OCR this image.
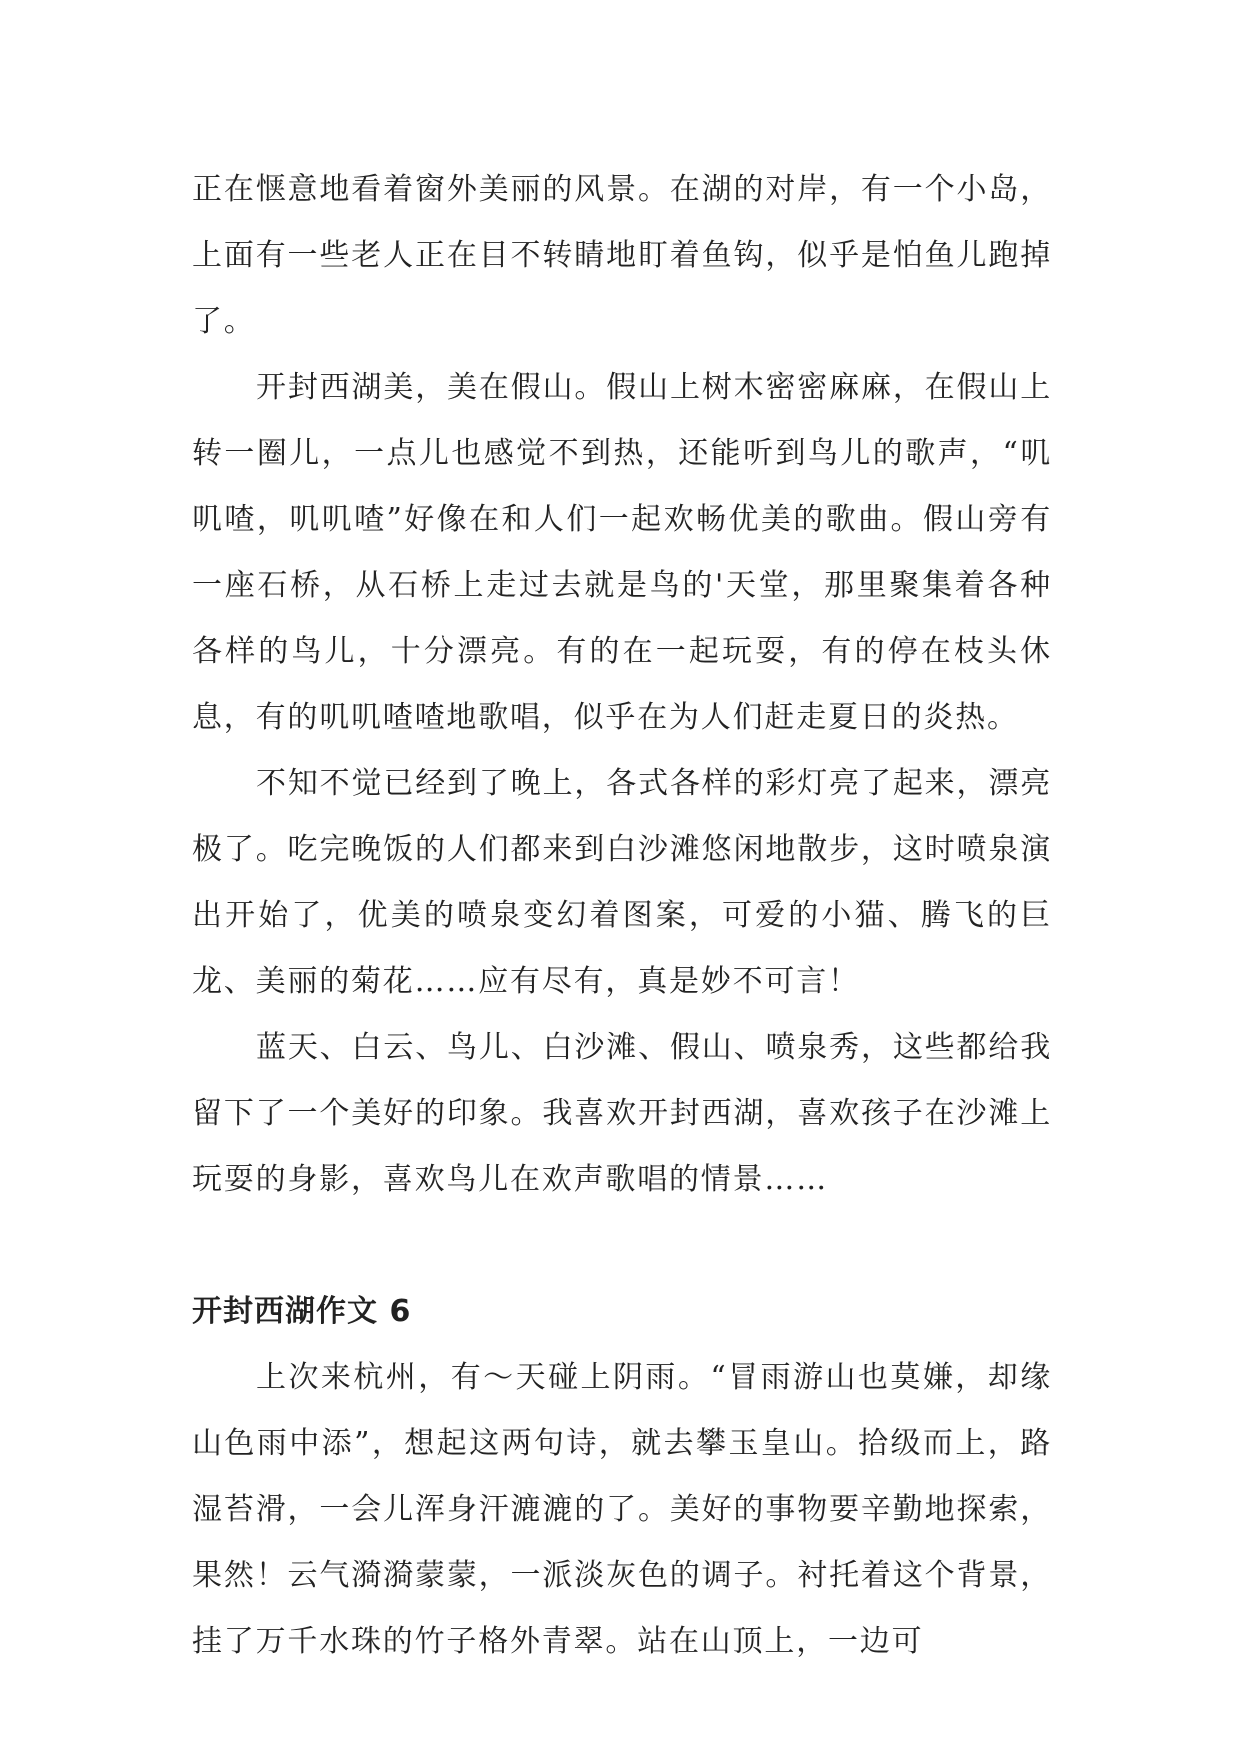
正在惬意地看着窗外美丽的风景。在湖的对岸，有一个小岛，上面有一些老人正在目不转睛地盯着鱼钩，似乎是怕鱼儿跑掉了。

开封西湖美，美在假山。假山上树木密密麻麻，在假山上转一圈儿，一点儿也感觉不到热，还能听到鸟儿的歌声，“叽叽喳，叽叽喳”好像在和人们一起欢畅优美的歌曲。假山旁有一座石桥，从石桥上走过去就是鸟的'天堂，那里聚集着各种各样的鸟儿，十分漂亮。有的在一起玩耍，有的停在枝头休息，有的叽叽喳喳地歌唱，似乎在为人们赶走夏日的炎热。

不知不觉已经到了晚上，各式各样的彩灯亮了起来，漂亮极了。吃完晚饭的人们都来到白沙滩悠闲地散步，这时喷泉演出开始了，优美的喷泉变幻着图案，可爱的小猫、腾飞的巨龙、美丽的菊花……应有尽有，真是妙不可言！

蓝天、白云、鸟儿、白沙滩、假山、喷泉秀，这些都给我留下了一个美好的印象。我喜欢开封西湖，喜欢孩子在沙滩上玩耍的身影，喜欢鸟儿在欢声歌唱的情景……

开封西湖作文 6

上次来杭州，有～天碰上阴雨。“冒雨游山也莫嫌，却缘山色雨中添”，想起这两句诗，就去攀玉皇山。拾级而上，路湿苔滑，一会儿浑身汗漉漉的了。美好的事物要辛勤地探索，果然！云气漪漪蒙蒙，一派淡灰色的调子。衬托着这个背景，挂了万千水珠的竹子格外青翠。站在山顶上，一边可
